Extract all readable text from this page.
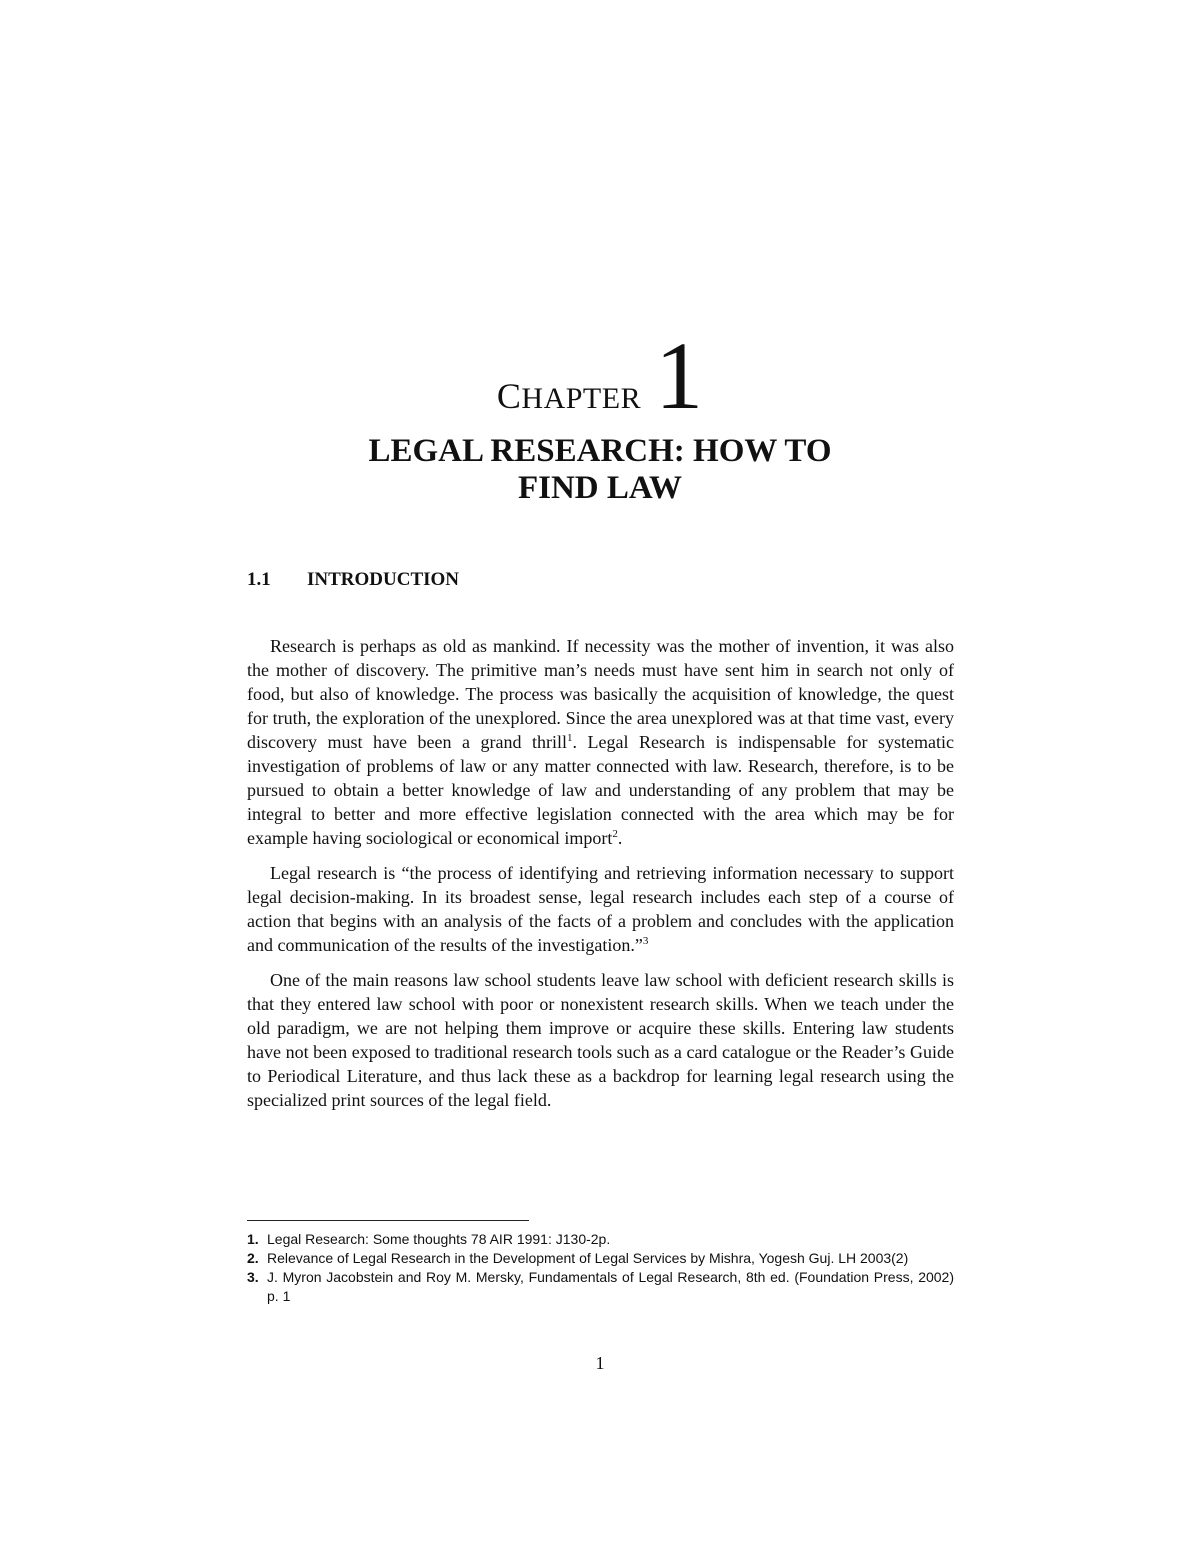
CHAPTER 1
LEGAL RESEARCH: HOW TO
FIND LAW
1.1 INTRODUCTION

Research is perhaps as old as mankind. If necessity was the mother of invention, it was also the mother of discovery. The primitive man’s needs must have sent him in search not only of food, but also of knowledge. The process was basically the acquisition of knowledge, the quest for truth, the exploration of the unexplored. Since the area unexplored was at that time vast, every discovery must have been a grand thrill$^1$. Legal Research is indispensable for systematic investigation of problems of law or any matter connected with law. Research, therefore, is to be pursued to obtain a better knowledge of law and understanding of any problem that may be integral to better and more effective legislation connected with the area which may be for example having sociological or economical import$^2$.

Legal research is “the process of identifying and retrieving information necessary to support legal decision-making. In its broadest sense, legal research includes each step of a course of action that begins with an analysis of the facts of a problem and concludes with the application and communication of the results of the investigation.”$^3$

One of the main reasons law school students leave law school with deficient research skills is that they entered law school with poor or nonexistent research skills. When we teach under the old paradigm, we are not helping them improve or acquire these skills. Entering law students have not been exposed to traditional research tools such as a card catalogue or the Reader’s Guide to Periodical Literature, and thus lack these as a backdrop for learning legal research using the specialized print sources of the legal field.

1. Legal Research: Some thoughts 78 AIR 1991: J130-2p.
2. Relevance of Legal Research in the Development of Legal Services by Mishra, Yogesh Guj. LH 2003(2)
3. J. Myron Jacobstein and Roy M. Mersky, Fundamentals of Legal Research, 8th ed. (Foundation Press, 2002) p. 1
1
